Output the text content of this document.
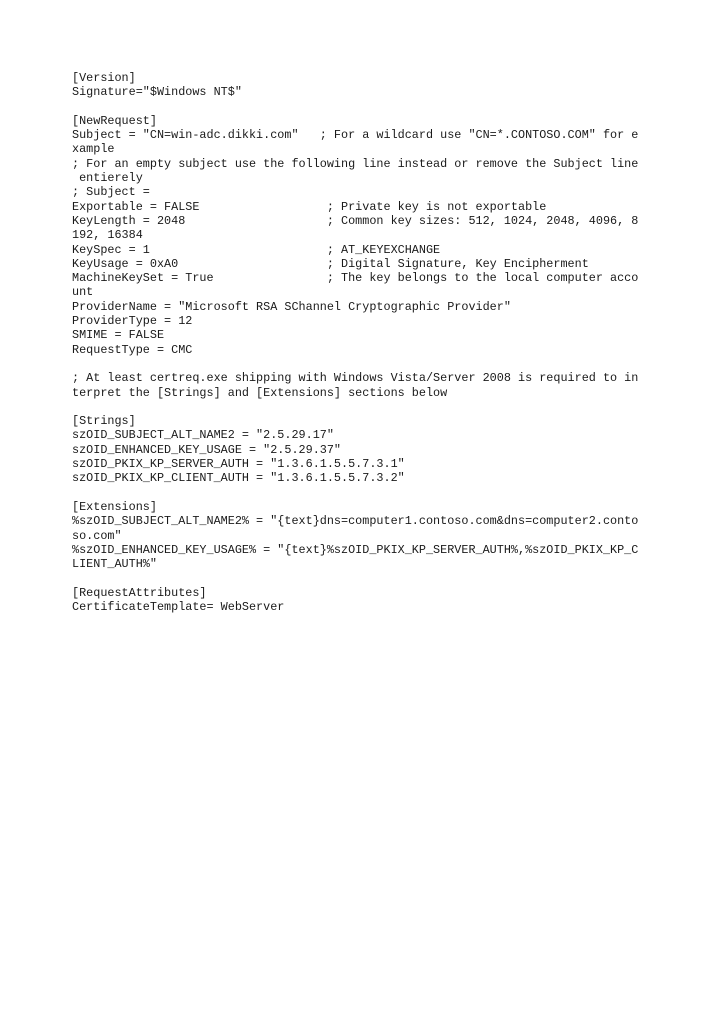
[Version]
Signature="$Windows NT$"
[NewRequest]
Subject = "CN=win-adc.dikki.com"   ; For a wildcard use "CN=*.CONTOSO.COM" for e
xample
; For an empty subject use the following line instead or remove the Subject line
entierely
; Subject =
Exportable = FALSE                  ; Private key is not exportable
KeyLength = 2048                    ; Common key sizes: 512, 1024, 2048, 4096, 8
192, 16384
KeySpec = 1                         ; AT_KEYEXCHANGE
KeyUsage = 0xA0                     ; Digital Signature, Key Encipherment
MachineKeySet = True                ; The key belongs to the local computer acco
unt
ProviderName = "Microsoft RSA SChannel Cryptographic Provider"
ProviderType = 12
SMIME = FALSE
RequestType = CMC
; At least certreq.exe shipping with Windows Vista/Server 2008 is required to in
terpret the [Strings] and [Extensions] sections below
[Strings]
szOID_SUBJECT_ALT_NAME2 = "2.5.29.17"
szOID_ENHANCED_KEY_USAGE = "2.5.29.37"
szOID_PKIX_KP_SERVER_AUTH = "1.3.6.1.5.5.7.3.1"
szOID_PKIX_KP_CLIENT_AUTH = "1.3.6.1.5.5.7.3.2"
[Extensions]
%szOID_SUBJECT_ALT_NAME2% = "{text}dns=computer1.contoso.com&dns=computer2.conto
so.com"
%szOID_ENHANCED_KEY_USAGE% = "{text}%szOID_PKIX_KP_SERVER_AUTH%,%szOID_PKIX_KP_C
LIENT_AUTH%"
[RequestAttributes]
CertificateTemplate= WebServer
